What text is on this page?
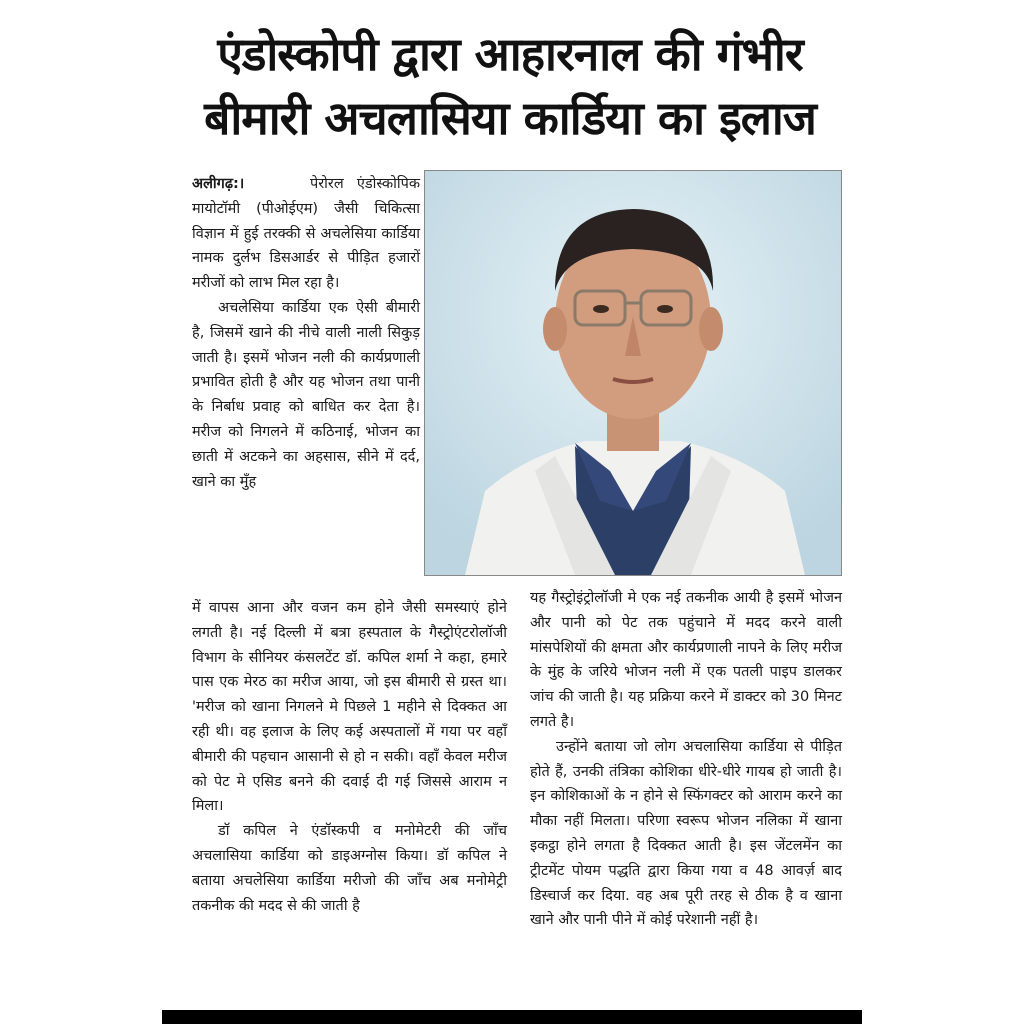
एंडोस्कोपी द्वारा आहारनाल की गंभीर
बीमारी अचलासिया कार्डिया का इलाज

अलीगढ़:।	पेरोरल एंडोस्कोपिक मायोटॉमी (पीओईएम) जैसी चिकित्सा विज्ञान में हुई तरक्की से अचलेसिया कार्डिया नामक दुर्लभ डिसआर्डर से पीड़ित हजारों मरीजों को लाभ मिल रहा है।

अचलेसिया कार्डिया एक ऐसी बीमारी है, जिसमें खाने की नीचे वाली नाली सिकुड़ जाती है। इसमें भोजन नली की कार्यप्रणाली प्रभावित होती है और यह भोजन तथा पानी के निर्बाध प्रवाह को बाधित कर देता है। मरीज को निगलने में कठिनाई, भोजन का छाती में अटकने का अहसास, सीने में दर्द, खाने का मुँह

में वापस आना और वजन कम होने जैसी समस्याएं होने लगती है। नई दिल्ली में बत्रा हस्पताल के गैस्ट्रोएंटरोलॉजी विभाग के सीनियर कंसलटेंट डॉ. कपिल शर्मा ने कहा, हमारे पास एक मेरठ का मरीज आया, जो इस बीमारी से ग्रस्त था। 'मरीज को खाना निगलने मे पिछले 1 महीने से दिक्कत आ रही थी। वह इलाज के लिए कई अस्पतालों में गया पर वहाँ बीमारी की पहचान आसानी से हो न सकी। वहाँ केवल मरीज को पेट मे एसिड बनने की दवाई दी गई जिससे आराम न मिला।

डॉ कपिल ने एंडॉस्कपी व मनोमेटरी की जाँच अचलासिया कार्डिया को डाइअग्नोस किया। डॉ कपिल ने बताया अचलेसिया कार्डिया मरीजो की जाँच अब मनोमेट्री तकनीक की मदद से की जाती है

यह गैस्ट्रोइंट्रोलॉजी मे एक नई तकनीक आयी है इसमें भोजन और पानी को पेट तक पहुंचाने में मदद करने वाली मांसपेशियों की क्षमता और कार्यप्रणाली नापने के लिए मरीज के मुंह के जरिये भोजन नली में एक पतली पाइप डालकर जांच की जाती है। यह प्रक्रिया करने में डाक्टर को 30 मिनट लगते है।

उन्होंने बताया जो लोग अचलासिया कार्डिया से पीड़ित होते हैं, उनकी तंत्रिका कोशिका धीरे-धीरे गायब हो जाती है। इन कोशिकाओं के न होने से स्फिंगक्टर को आराम करने का मौका नहीं मिलता। परिणा स्वरूप भोजन नलिका में खाना इकट्ठा होने लगता है दिक्कत आती है। इस जेंटलमेंन का ट्रीटमेंट पोयम पद्धति द्वारा किया गया व 48 आवर्ज़ बाद डिस्चार्ज कर दिया. वह अब पूरी तरह से ठीक है व खाना खाने और पानी पीने में कोई परेशानी नहीं है।
